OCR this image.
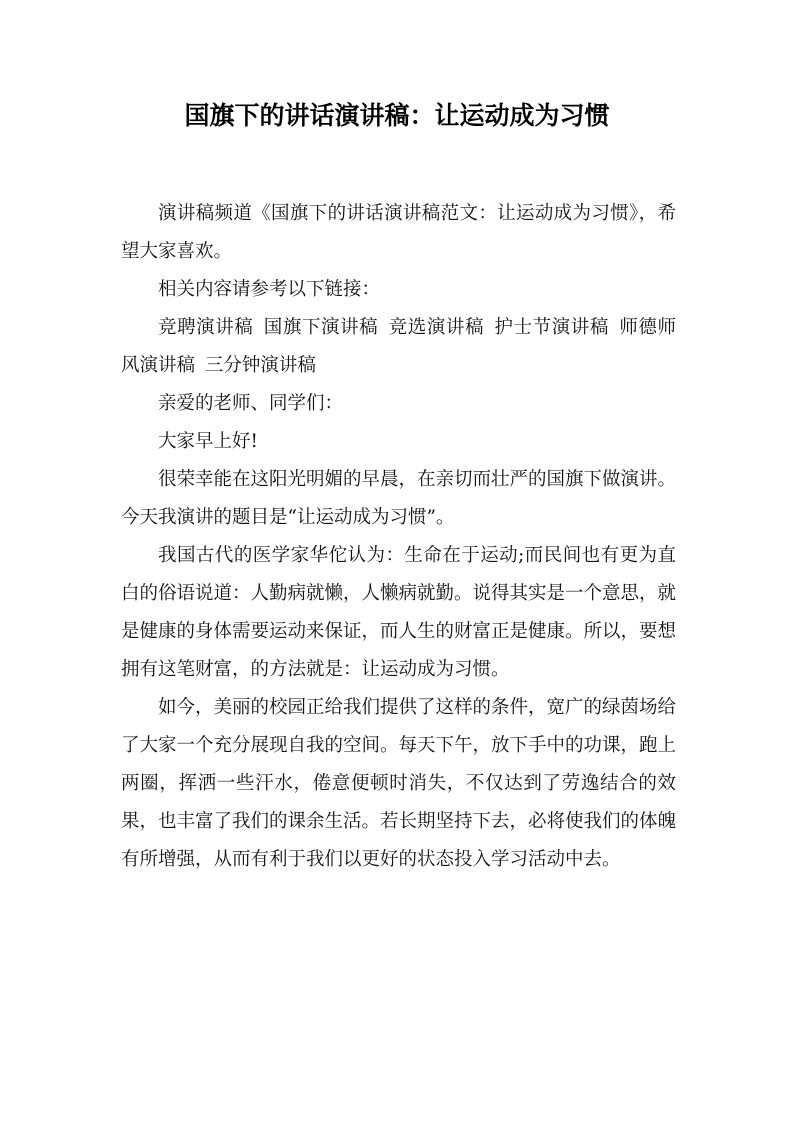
国旗下的讲话演讲稿：让运动成为习惯

演讲稿频道《国旗下的讲话演讲稿范文：让运动成为习惯》，希望大家喜欢。

相关内容请参考以下链接：

竞聘演讲稿 国旗下演讲稿 竞选演讲稿 护士节演讲稿 师德师风演讲稿 三分钟演讲稿

亲爱的老师、同学们：

大家早上好!

很荣幸能在这阳光明媚的早晨，在亲切而壮严的国旗下做演讲。今天我演讲的题目是“让运动成为习惯”。

我国古代的医学家华佗认为：生命在于运动;而民间也有更为直白的俗语说道：人勤病就懒，人懒病就勤。说得其实是一个意思，就是健康的身体需要运动来保证，而人生的财富正是健康。所以，要想拥有这笔财富，的方法就是：让运动成为习惯。

如今，美丽的校园正给我们提供了这样的条件，宽广的绿茵场给了大家一个充分展现自我的空间。每天下午，放下手中的功课，跑上两圈，挥洒一些汗水，倦意便顿时消失，不仅达到了劳逸结合的效果，也丰富了我们的课余生活。若长期坚持下去，必将使我们的体魄有所增强，从而有利于我们以更好的状态投入学习活动中去。
